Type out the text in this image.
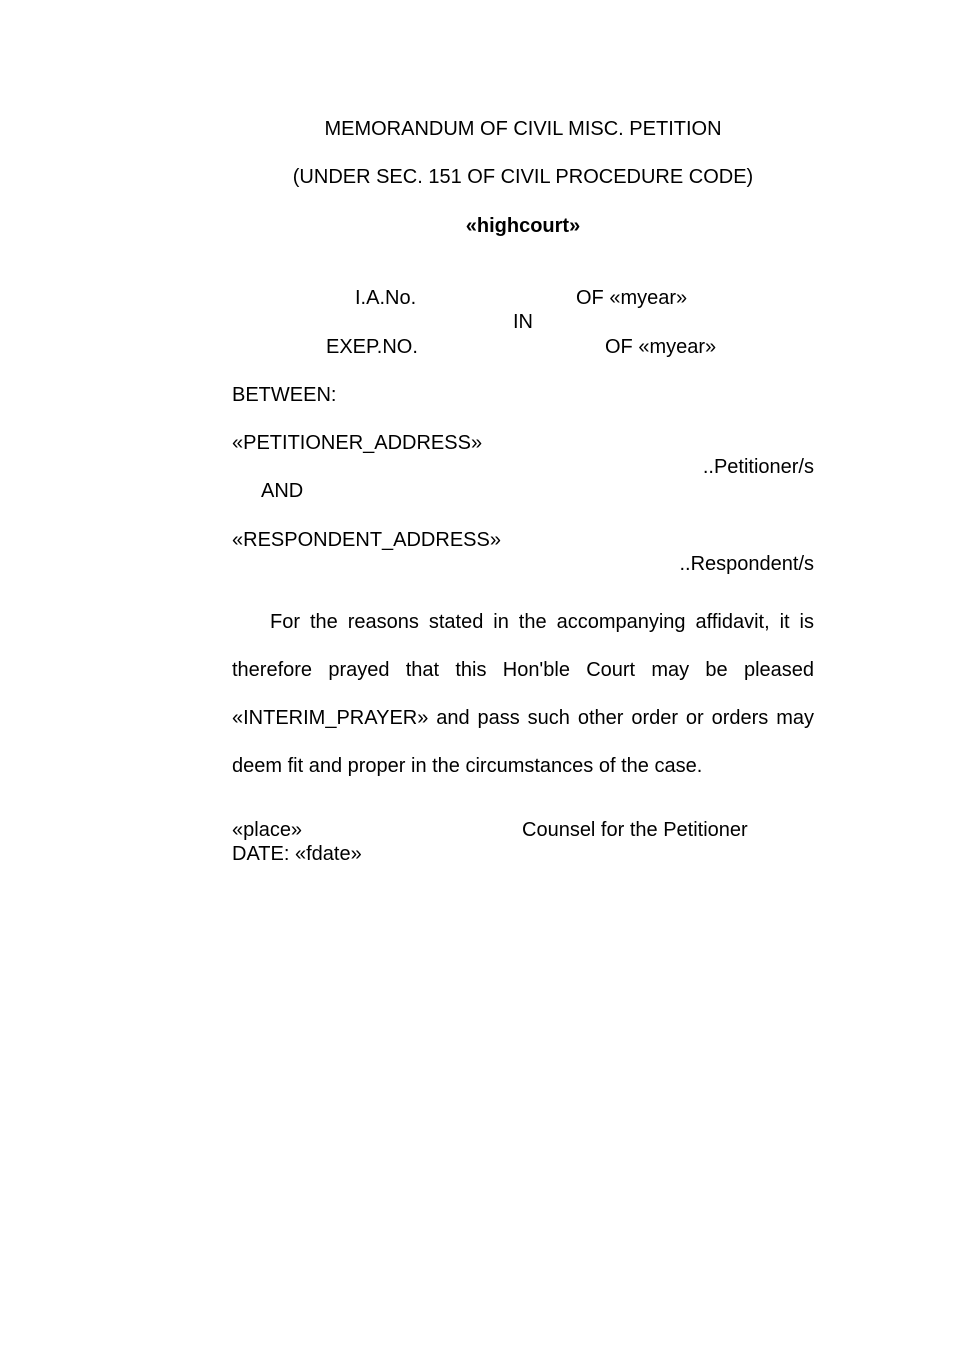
MEMORANDUM OF CIVIL MISC. PETITION
(UNDER SEC. 151 OF CIVIL PROCEDURE CODE)
«highcourt»
I.A.No.	OF «myear»
IN
EXEP.NO.	OF «myear»
BETWEEN:
«PETITIONER_ADDRESS»
..Petitioner/s
AND
«RESPONDENT_ADDRESS»
..Respondent/s

For the reasons stated in the accompanying affidavit, it is therefore prayed that this Hon'ble Court may be pleased «INTERIM_PRAYER» and pass such other order or orders may deem fit and proper in the circumstances of the case.

«place»	Counsel for the Petitioner
DATE: «fdate»
